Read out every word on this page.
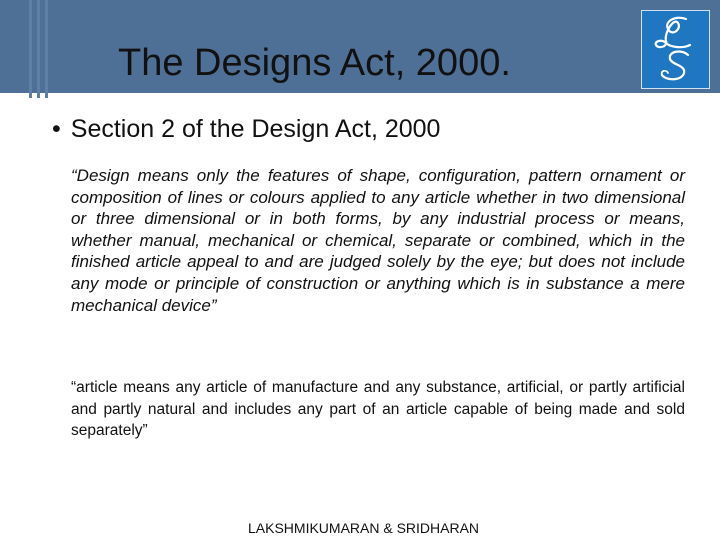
The Designs Act, 2000.
• Section 2 of the Design Act, 2000
“Design means only the features of shape, configuration, pattern ornament or composition of lines or colours applied to any article whether in two dimensional or three dimensional or in both forms, by any industrial process or means, whether manual, mechanical or chemical, separate or combined, which in the finished article appeal to and are judged solely by the eye; but does not include any mode or principle of construction or anything which is in substance a mere mechanical device”
“article means any article of manufacture and any substance, artificial, or partly artificial and partly natural and includes any part of an article capable of being made and sold separately”
LAKSHMIKUMARAN & SRIDHARAN
